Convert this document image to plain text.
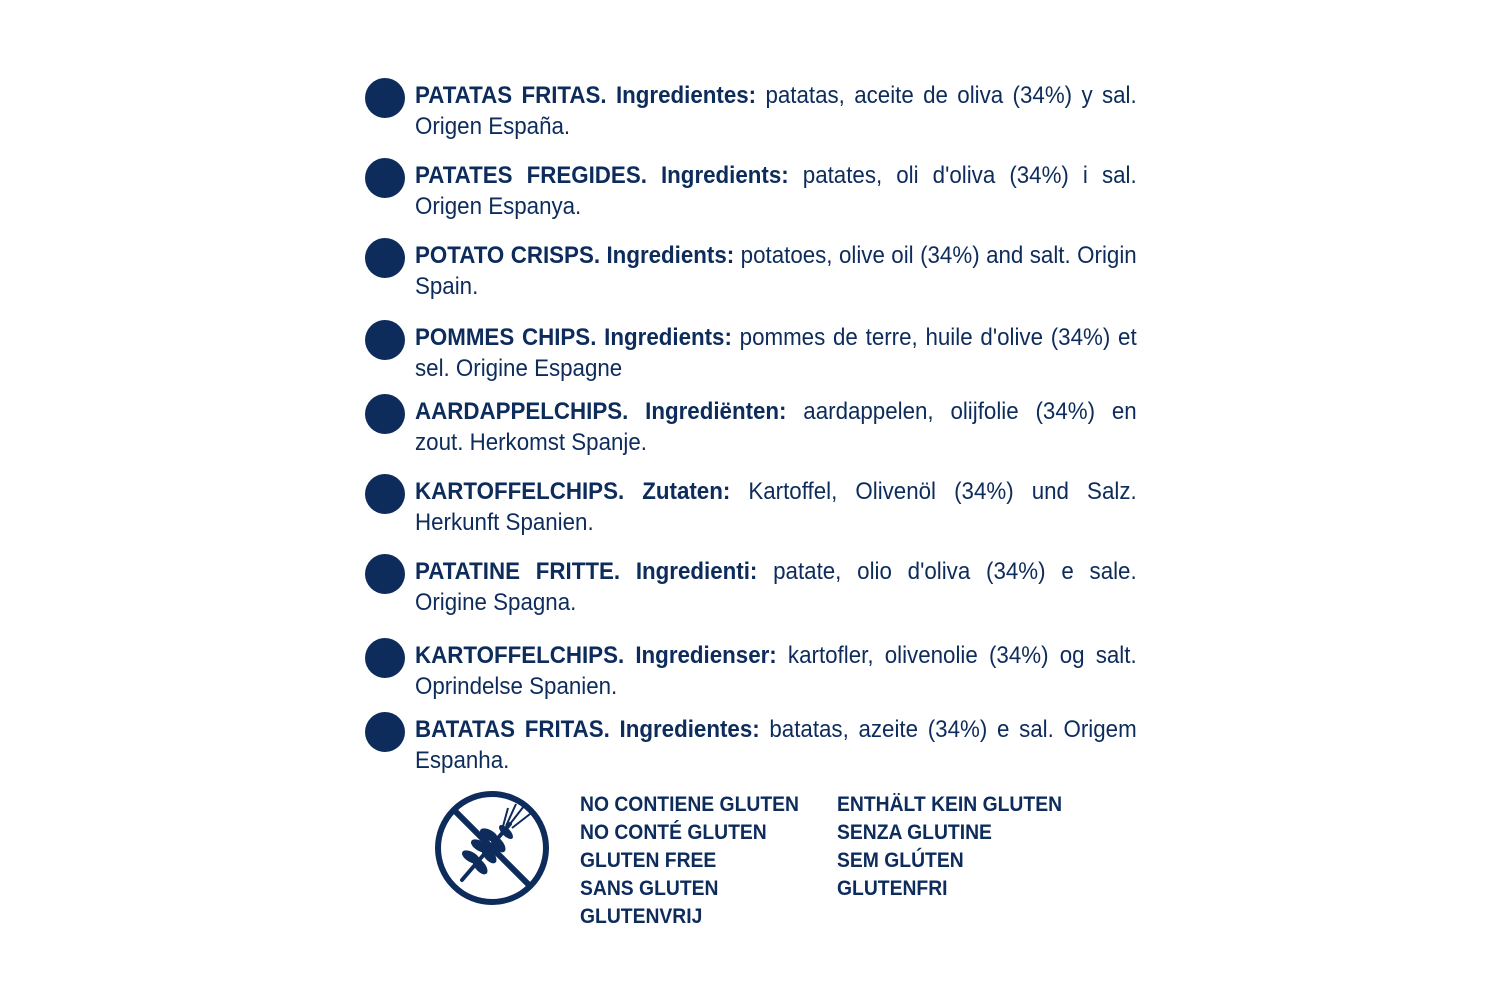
PATATAS FRITAS. Ingredientes: patatas, aceite de oliva (34%) y sal. Origen España.
PATATES FREGIDES. Ingredients: patates, oli d'oliva (34%) i sal. Origen Espanya.
POTATO CRISPS. Ingredients: potatoes, olive oil (34%) and salt. Origin Spain.
POMMES CHIPS. Ingredients: pommes de terre, huile d'olive (34%) et sel. Origine Espagne
AARDAPPELCHIPS. Ingrediënten: aardappelen, olijfolie (34%) en zout. Herkomst Spanje.
KARTOFFELCHIPS. Zutaten: Kartoffel, Olivenöl (34%) und Salz. Herkunft Spanien.
PATATINE FRITTE. Ingredienti: patate, olio d'oliva (34%) e sale. Origine Spagna.
KARTOFFELCHIPS. Ingredienser: kartofler, olivenolie (34%) og salt. Oprindelse Spanien.
BATATAS FRITAS. Ingredientes: batatas, azeite (34%) e sal. Origem Espanha.
NO CONTIENE GLUTEN
NO CONTÉ GLUTEN
GLUTEN FREE
SANS GLUTEN
GLUTENVRIJ
ENTHÄLT KEIN GLUTEN
SENZA GLUTINE
SEM GLÚTEN
GLUTENFRI
